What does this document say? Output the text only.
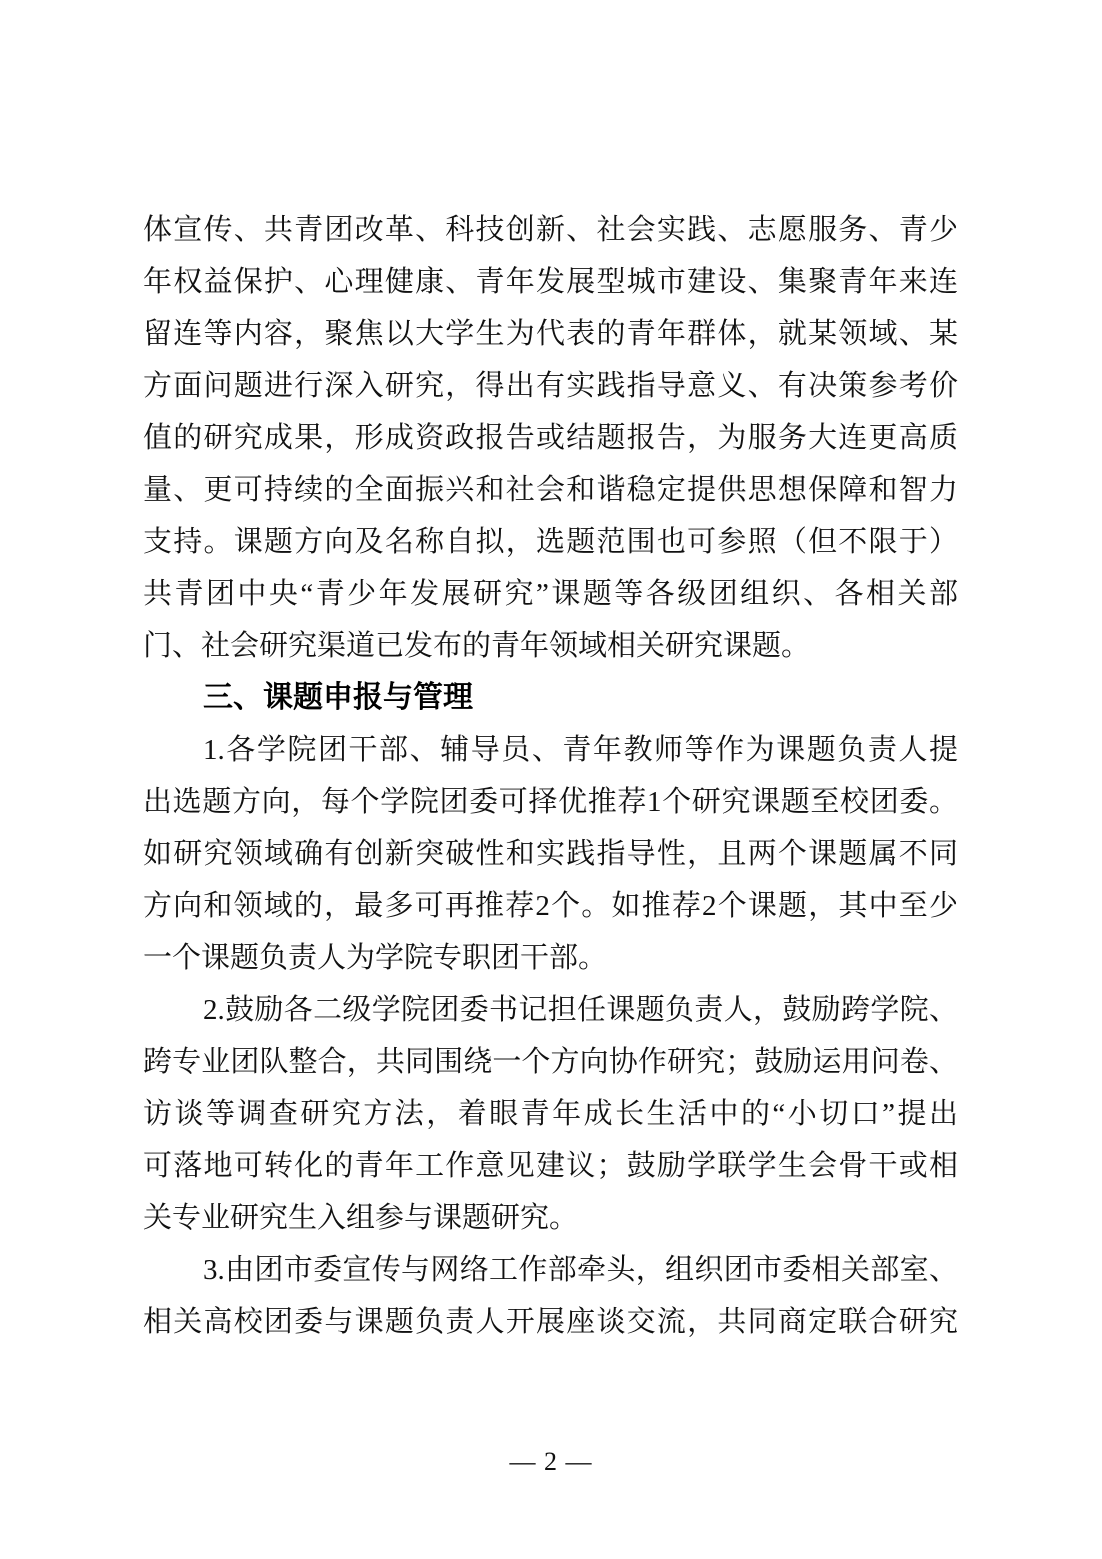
体宣传、共青团改革、科技创新、社会实践、志愿服务、青少
年权益保护、心理健康、青年发展型城市建设、集聚青年来连
留连等内容，聚焦以大学生为代表的青年群体，就某领域、某
方面问题进行深入研究，得出有实践指导意义、有决策参考价
值的研究成果，形成资政报告或结题报告，为服务大连更高质
量、更可持续的全面振兴和社会和谐稳定提供思想保障和智力
支持。课题方向及名称自拟，选题范围也可参照（但不限于）
共青团中央“青少年发展研究”课题等各级团组织、各相关部
门、社会研究渠道已发布的青年领域相关研究课题。
三、课题申报与管理
1.各学院团干部、辅导员、青年教师等作为课题负责人提
出选题方向，每个学院团委可择优推荐1个研究课题至校团委。
如研究领域确有创新突破性和实践指导性，且两个课题属不同
方向和领域的，最多可再推荐2个。如推荐2个课题，其中至少
一个课题负责人为学院专职团干部。
2.鼓励各二级学院团委书记担任课题负责人，鼓励跨学院、
跨专业团队整合，共同围绕一个方向协作研究；鼓励运用问卷、
访谈等调查研究方法，着眼青年成长生活中的“小切口”提出
可落地可转化的青年工作意见建议；鼓励学联学生会骨干或相
关专业研究生入组参与课题研究。
3.由团市委宣传与网络工作部牵头，组织团市委相关部室、
相关高校团委与课题负责人开展座谈交流，共同商定联合研究
— 2 —
